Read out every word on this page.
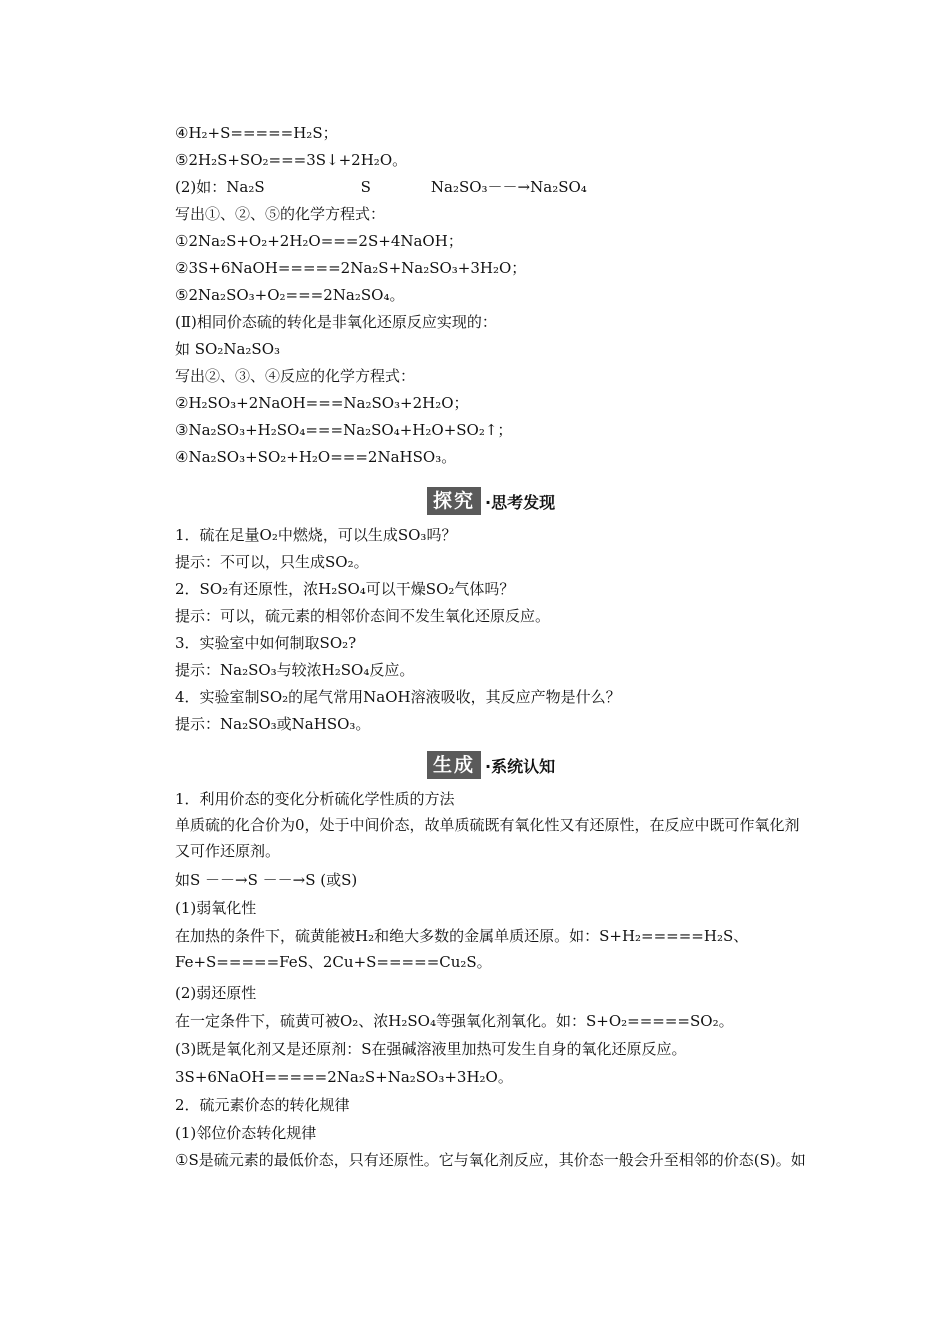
④H₂+S=====H₂S；
⑤2H₂S+SO₂===3S↓+2H₂O。
(2)如：Na₂S	S	Na₂SO₃－－→Na₂SO₄
写出①、②、⑤的化学方程式：
①2Na₂S+O₂+2H₂O===2S+4NaOH；
②3S+6NaOH=====2Na₂S+Na₂SO₃+3H₂O；
⑤2Na₂SO₃+O₂===2Na₂SO₄。
(Ⅱ)相同价态硫的转化是非氧化还原反应实现的：
如 SO₂Na₂SO₃
写出②、③、④反应的化学方程式：
②H₂SO₃+2NaOH===Na₂SO₃+2H₂O；
③Na₂SO₃+H₂SO₄===Na₂SO₄+H₂O+SO₂↑；
④Na₂SO₃+SO₂+H₂O===2NaHSO₃。
探究 ·思考发现
1．硫在足量O₂中燃烧，可以生成SO₃吗？
提示：不可以，只生成SO₂。
2．SO₂有还原性，浓H₂SO₄可以干燥SO₂气体吗？
提示：可以，硫元素的相邻价态间不发生氧化还原反应。
3．实验室中如何制取SO₂?
提示：Na₂SO₃与较浓H₂SO₄反应。
4．实验室制SO₂的尾气常用NaOH溶液吸收，其反应产物是什么？
提示：Na₂SO₃或NaHSO₃。
生成 ·系统认知
1．利用价态的变化分析硫化学性质的方法
单质硫的化合价为0，处于中间价态，故单质硫既有氧化性又有还原性，在反应中既可作氧化剂又可作还原剂。
如S －－→S －－→S (或S)
(1)弱氧化性
在加热的条件下，硫黄能被H₂和绝大多数的金属单质还原。如：S+H₂=====H₂S、Fe+S=====FeS、2Cu+S=====Cu₂S。
(2)弱还原性
在一定条件下，硫黄可被O₂、浓H₂SO₄等强氧化剂氧化。如：S+O₂=====SO₂。
(3)既是氧化剂又是还原剂：S在强碱溶液里加热可发生自身的氧化还原反应。
3S+6NaOH=====2Na₂S+Na₂SO₃+3H₂O。
2．硫元素价态的转化规律
(1)邻位价态转化规律
①S是硫元素的最低价态，只有还原性。它与氧化剂反应，其价态一般会升至相邻的价态(S)。如
